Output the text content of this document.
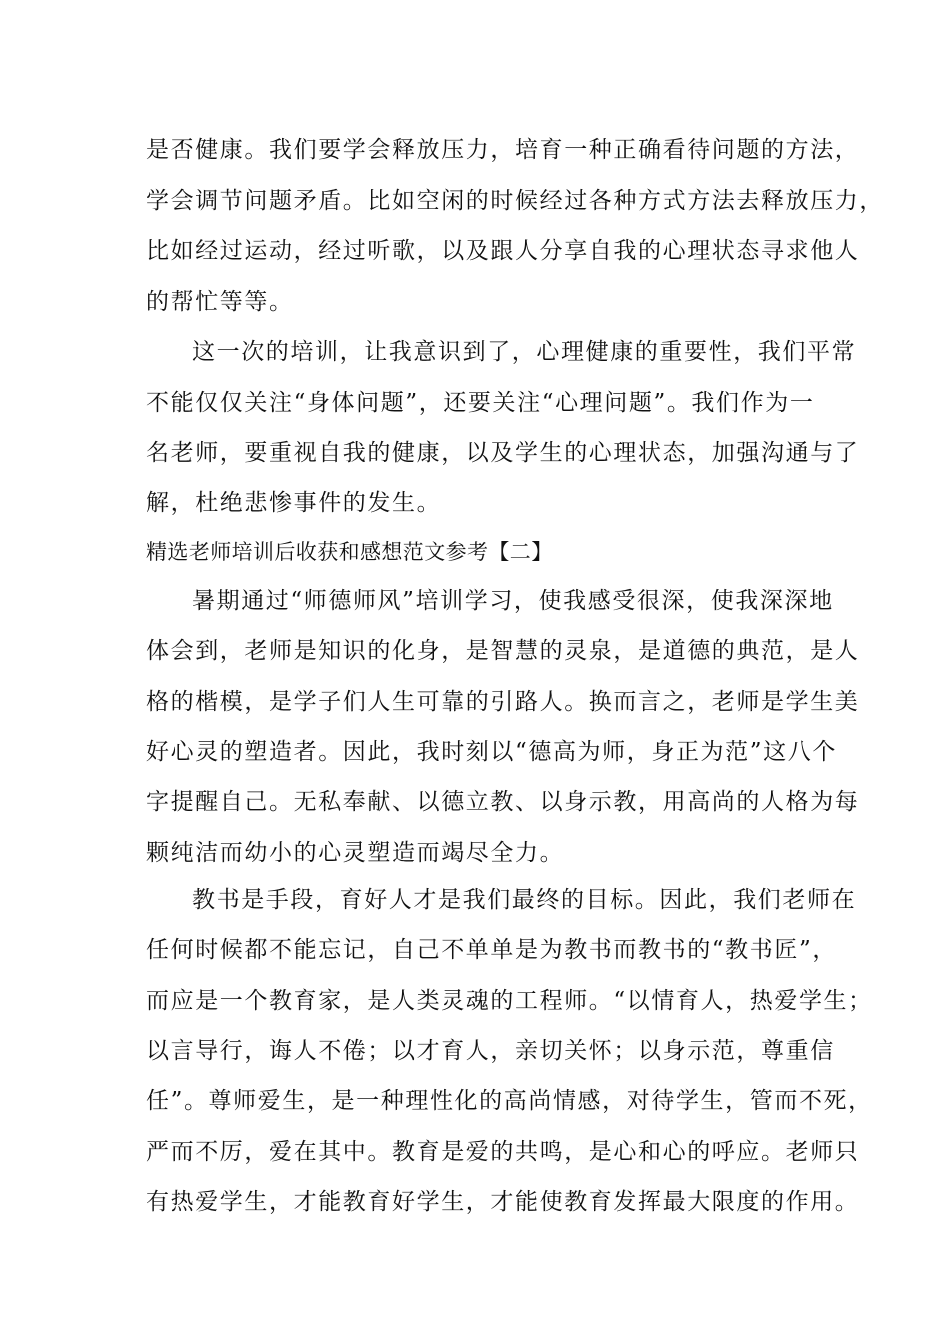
是否健康。我们要学会释放压力，培育一种正确看待问题的方法，
学会调节问题矛盾。比如空闲的时候经过各种方式方法去释放压力，
比如经过运动，经过听歌，以及跟人分享自我的心理状态寻求他人
的帮忙等等。
这一次的培训，让我意识到了，心理健康的重要性，我们平常
不能仅仅关注“身体问题”，还要关注“心理问题”。我们作为一
名老师，要重视自我的健康，以及学生的心理状态，加强沟通与了
解，杜绝悲惨事件的发生。
精选老师培训后收获和感想范文参考【二】
暑期通过“师德师风”培训学习，使我感受很深，使我深深地
体会到，老师是知识的化身，是智慧的灵泉，是道德的典范，是人
格的楷模，是学子们人生可靠的引路人。换而言之，老师是学生美
好心灵的塑造者。因此，我时刻以“德高为师，身正为范”这八个
字提醒自己。无私奉献、以德立教、以身示教，用高尚的人格为每
颗纯洁而幼小的心灵塑造而竭尽全力。
教书是手段，育好人才是我们最终的目标。因此，我们老师在
任何时候都不能忘记，自己不单单是为教书而教书的“教书匠”，
而应是一个教育家，是人类灵魂的工程师。“以情育人，热爱学生；
以言导行，诲人不倦；以才育人，亲切关怀；以身示范，尊重信
任”。尊师爱生，是一种理性化的高尚情感，对待学生，管而不死，
严而不厉，爱在其中。教育是爱的共鸣，是心和心的呼应。老师只
有热爱学生，才能教育好学生，才能使教育发挥最大限度的作用。
